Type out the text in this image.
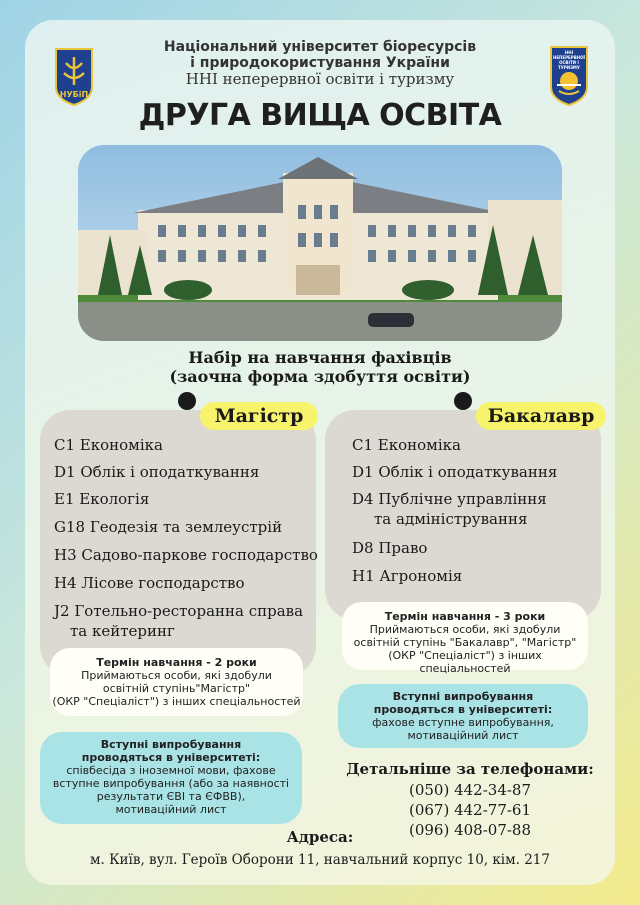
НУБіП
ННІ НЕПЕРЕРВНОЇ ОСВІТИ І ТУРИЗМУ
Національний університет біоресурсів
і природокористування України
ННІ неперервної освіти і туризму
ДРУГА ВИЩА ОСВІТА
Набір на навчання фахівців
(заочна форма здобуття освіти)
Магістр
C1 Економіка
D1 Облік і оподаткування
E1 Екологія
G18 Геодезія та землеустрій
H3 Садово-паркове господарство
H4 Лісове господарство
J2 Готельно-ресторанна справа
та кейтеринг
Термін навчання - 2 роки
Приймаються особи, які здобули
освітній ступінь"Магістр"
(ОКР "Спеціаліст") з інших спеціальностей
Вступні випробування
проводяться в університеті:
співбесіда з іноземної мови, фахове
вступне випробування (або за наявності
результати ЄВІ та ЄФВВ),
мотиваційний лист
Бакалавр
C1 Економіка
D1 Облік і оподаткування
D4 Публічне управління
та адміністрування
D8 Право
H1 Агрономія
Термін навчання - 3 роки
Приймаються особи, які здобули
освітній ступінь "Бакалавр", "Магістр"
(ОКР "Спеціаліст") з інших спеціальностей
Вступні випробування
проводяться в університеті:
фахове вступне випробування,
мотиваційний лист
Детальніше за телефонами:
(050) 442-34-87
(067) 442-77-61
(096) 408-07-88
Адреса:
м. Київ, вул. Героїв Оборони 11, навчальний корпус 10, кім. 217
